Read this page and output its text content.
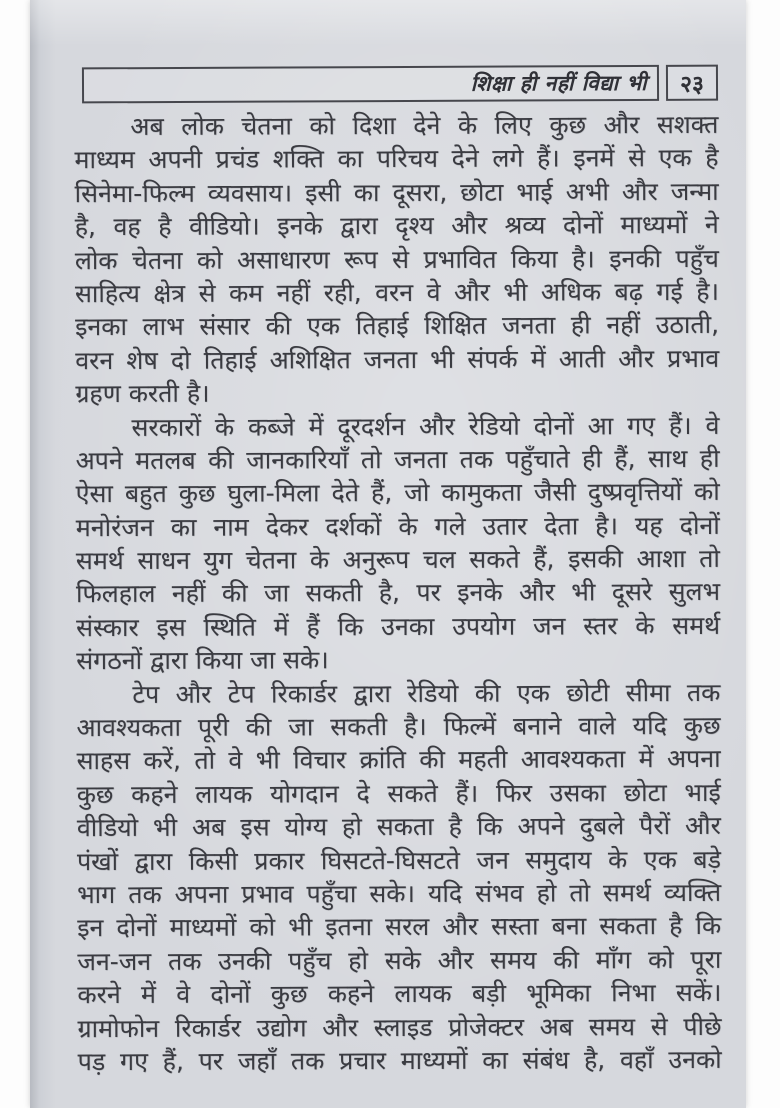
शिक्षा ही नहीं विद्या भी २३
अब लोक चेतना को दिशा देने के लिए कुछ और सशक्त
माध्यम अपनी प्रचंड शक्ति का परिचय देने लगे हैं। इनमें से एक है
सिनेमा-फिल्म व्यवसाय। इसी का दूसरा, छोटा भाई अभी और जन्मा
है, वह है वीडियो। इनके द्वारा दृश्य और श्रव्य दोनों माध्यमों ने
लोक चेतना को असाधारण रूप से प्रभावित किया है। इनकी पहुँच
साहित्य क्षेत्र से कम नहीं रही, वरन वे और भी अधिक बढ़ गई है।
इनका लाभ संसार की एक तिहाई शिक्षित जनता ही नहीं उठाती,
वरन शेष दो तिहाई अशिक्षित जनता भी संपर्क में आती और प्रभाव
ग्रहण करती है।
सरकारों के कब्जे में दूरदर्शन और रेडियो दोनों आ गए हैं। वे
अपने मतलब की जानकारियाँ तो जनता तक पहुँचाते ही हैं, साथ ही
ऐसा बहुत कुछ घुला-मिला देते हैं, जो कामुकता जैसी दुष्प्रवृत्तियों को
मनोरंजन का नाम देकर दर्शकों के गले उतार देता है। यह दोनों
समर्थ साधन युग चेतना के अनुरूप चल सकते हैं, इसकी आशा तो
फिलहाल नहीं की जा सकती है, पर इनके और भी दूसरे सुलभ
संस्कार इस स्थिति में हैं कि उनका उपयोग जन स्तर के समर्थ
संगठनों द्वारा किया जा सके।
टेप और टेप रिकार्डर द्वारा रेडियो की एक छोटी सीमा तक
आवश्यकता पूरी की जा सकती है। फिल्में बनाने वाले यदि कुछ
साहस करें, तो वे भी विचार क्रांति की महती आवश्यकता में अपना
कुछ कहने लायक योगदान दे सकते हैं। फिर उसका छोटा भाई
वीडियो भी अब इस योग्य हो सकता है कि अपने दुबले पैरों और
पंखों द्वारा किसी प्रकार घिसटते-घिसटते जन समुदाय के एक बड़े
भाग तक अपना प्रभाव पहुँचा सके। यदि संभव हो तो समर्थ व्यक्ति
इन दोनों माध्यमों को भी इतना सरल और सस्ता बना सकता है कि
जन-जन तक उनकी पहुँच हो सके और समय की माँग को पूरा
करने में वे दोनों कुछ कहने लायक बड़ी भूमिका निभा सकें।
ग्रामोफोन रिकार्डर उद्योग और स्लाइड प्रोजेक्टर अब समय से पीछे
पड़ गए हैं, पर जहाँ तक प्रचार माध्यमों का संबंध है, वहाँ उनको
